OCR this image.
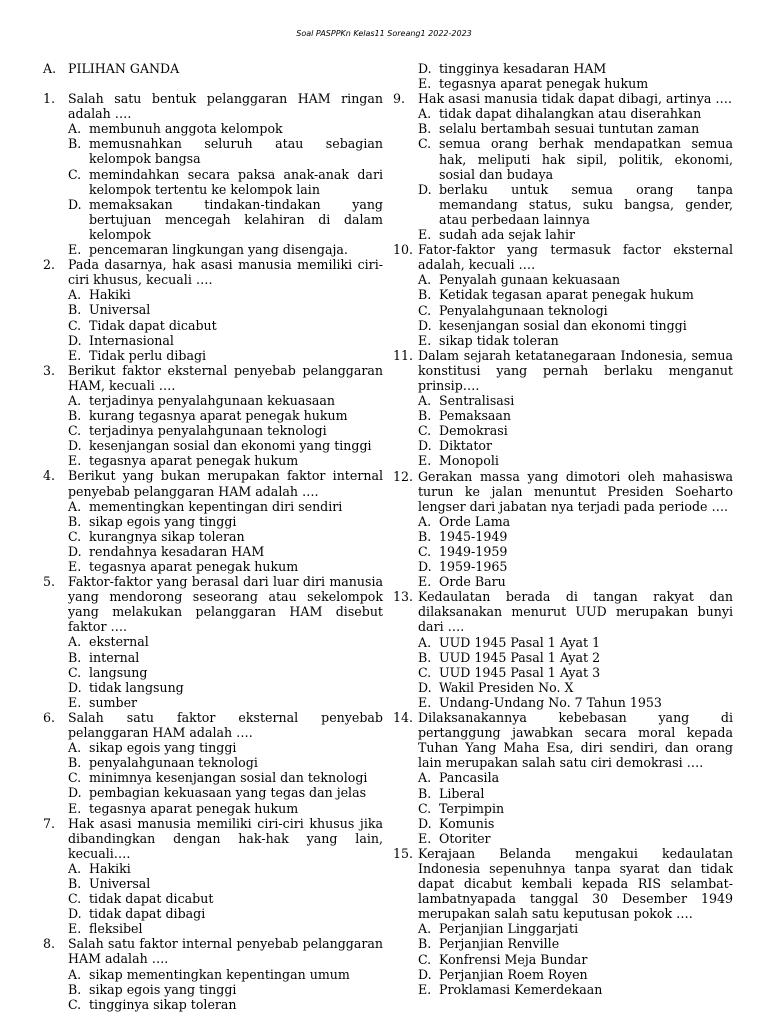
Soal PASPPKn Kelas11 Soreang1 2022-2023
A. PILIHAN GANDA
1.	Salah satu bentuk pelanggaran HAM ringan adalah ….
A. membunuh anggota kelompok
B. memusnahkan seluruh atau sebagian kelompok bangsa
C. memindahkan secara paksa anak-anak dari kelompok tertentu ke kelompok lain
D. memaksakan tindakan-tindakan yang bertujuan mencegah kelahiran di dalam kelompok
E. pencemaran lingkungan yang disengaja.
2.	Pada dasarnya, hak asasi manusia memiliki ciri-ciri khusus, kecuali ….
A. Hakiki
B. Universal
C. Tidak dapat dicabut
D. Internasional
E. Tidak perlu dibagi
3.	Berikut faktor eksternal penyebab pelanggaran HAM, kecuali ….
A. terjadinya penyalahgunaan kekuasaan
B. kurang tegasnya aparat penegak hukum
C. terjadinya penyalahgunaan teknologi
D. kesenjangan sosial dan ekonomi yang tinggi
E. tegasnya aparat penegak hukum
4.	Berikut yang bukan merupakan faktor internal penyebab pelanggaran HAM adalah ….
A. mementingkan kepentingan diri sendiri
B. sikap egois yang tinggi
C. kurangnya sikap toleran
D. rendahnya kesadaran HAM
E. tegasnya aparat penegak hukum
5.	Faktor-faktor yang berasal dari luar diri manusia yang mendorong seseorang atau sekelompok yang melakukan pelanggaran HAM disebut faktor ….
A. eksternal
B. internal
C. langsung
D. tidak langsung
E. sumber
6.	Salah satu faktor eksternal penyebab pelanggaran HAM adalah ….
A. sikap egois yang tinggi
B. penyalahgunaan teknologi
C. minimnya kesenjangan sosial dan teknologi
D. pembagian kekuasaan yang tegas dan jelas
E. tegasnya aparat penegak hukum
7.	Hak asasi manusia memiliki ciri-ciri khusus jika dibandingkan dengan hak-hak yang lain, kecuali….
A. Hakiki
B. Universal
C. tidak dapat dicabut
D. tidak dapat dibagi
E. fleksibel
8.	Salah satu faktor internal penyebab pelanggaran HAM adalah ….
A. sikap mementingkan kepentingan umum
B. sikap egois yang tinggi
C. tingginya sikap toleran
D. tingginya kesadaran HAM
E. tegasnya aparat penegak hukum
9.	Hak asasi manusia tidak dapat dibagi, artinya ….
A. tidak dapat dihalangkan atau diserahkan
B. selalu bertambah sesuai tuntutan zaman
C. semua orang berhak mendapatkan semua hak, meliputi hak sipil, politik, ekonomi, sosial dan budaya
D. berlaku untuk semua orang tanpa memandang status, suku bangsa, gender, atau perbedaan lainnya
E. sudah ada sejak lahir
10. Fator-faktor yang termasuk factor eksternal adalah, kecuali ….
A. Penyalah gunaan kekuasaan
B. Ketidak tegasan aparat penegak hukum
C. Penyalahgunaan teknologi
D. kesenjangan sosial dan ekonomi tinggi
E. sikap tidak toleran
11. Dalam sejarah ketatanegaraan Indonesia, semua konstitusi yang pernah berlaku menganut prinsip….
A. Sentralisasi
B. Pemaksaan
C. Demokrasi
D. Diktator
E. Monopoli
12. Gerakan massa yang dimotori oleh mahasiswa turun ke jalan menuntut Presiden Soeharto lengser dari jabatan nya terjadi pada periode ….
A. Orde Lama
B. 1945-1949
C. 1949-1959
D. 1959-1965
E. Orde Baru
13. Kedaulatan berada di tangan rakyat dan dilaksanakan menurut UUD merupakan bunyi dari ….
A. UUD 1945 Pasal 1 Ayat 1
B. UUD 1945 Pasal 1 Ayat 2
C. UUD 1945 Pasal 1 Ayat 3
D. Wakil Presiden No. X
E. Undang-Undang No. 7 Tahun 1953
14. Dilaksanakannya kebebasan yang di pertanggung jawabkan secara moral kepada Tuhan Yang Maha Esa, diri sendiri, dan orang lain merupakan salah satu ciri demokrasi ….
A. Pancasila
B. Liberal
C. Terpimpin
D. Komunis
E. Otoriter
15. Kerajaan Belanda mengakui kedaulatan Indonesia sepenuhnya tanpa syarat dan tidak dapat dicabut kembali kepada RIS selambat-lambatnyapada tanggal 30 Desember 1949 merupakan salah satu keputusan pokok ….
A. Perjanjian Linggarjati
B. Perjanjian Renville
C. Konfrensi Meja Bundar
D. Perjanjian Roem Royen
E. Proklamasi Kemerdekaan
